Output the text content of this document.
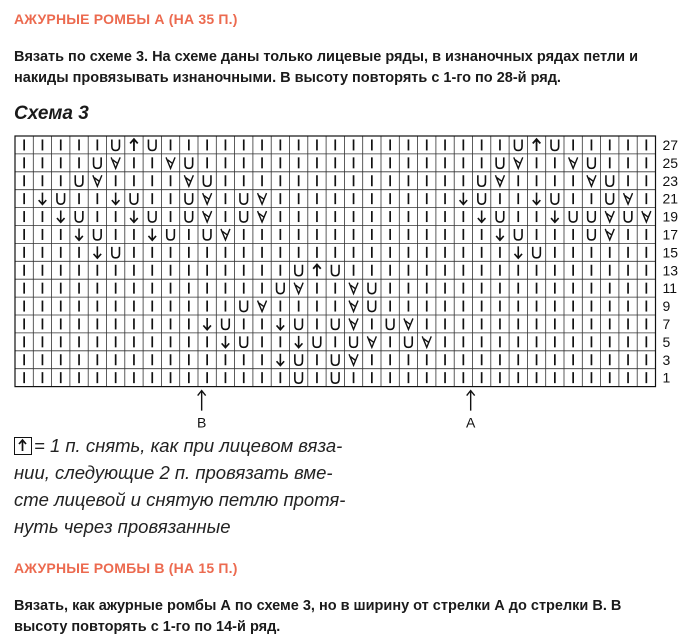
АЖУРНЫЕ РОМБЫ А (НА 35 П.)
Вязать по схеме 3. На схеме даны только лицевые ряды, в изнаночных рядах петли и накиды провязывать изнаночными. В высоту повторять с 1-го по 28-й ряд.
Схема 3
27
25
23
21
19
17
15
13
11
9
7
5
3
1
B	A
= 1 п. снять, как при лицевом вяза-
нии, следующие 2 п. провязать вме-
сте лицевой и снятую петлю протя-
нуть через провязанные
АЖУРНЫЕ РОМБЫ В (НА 15 П.)
Вязать, как ажурные ромбы А по схеме 3, но в ширину от стрелки А до стрелки В. В высоту повторять с 1-го по 14-й ряд.
